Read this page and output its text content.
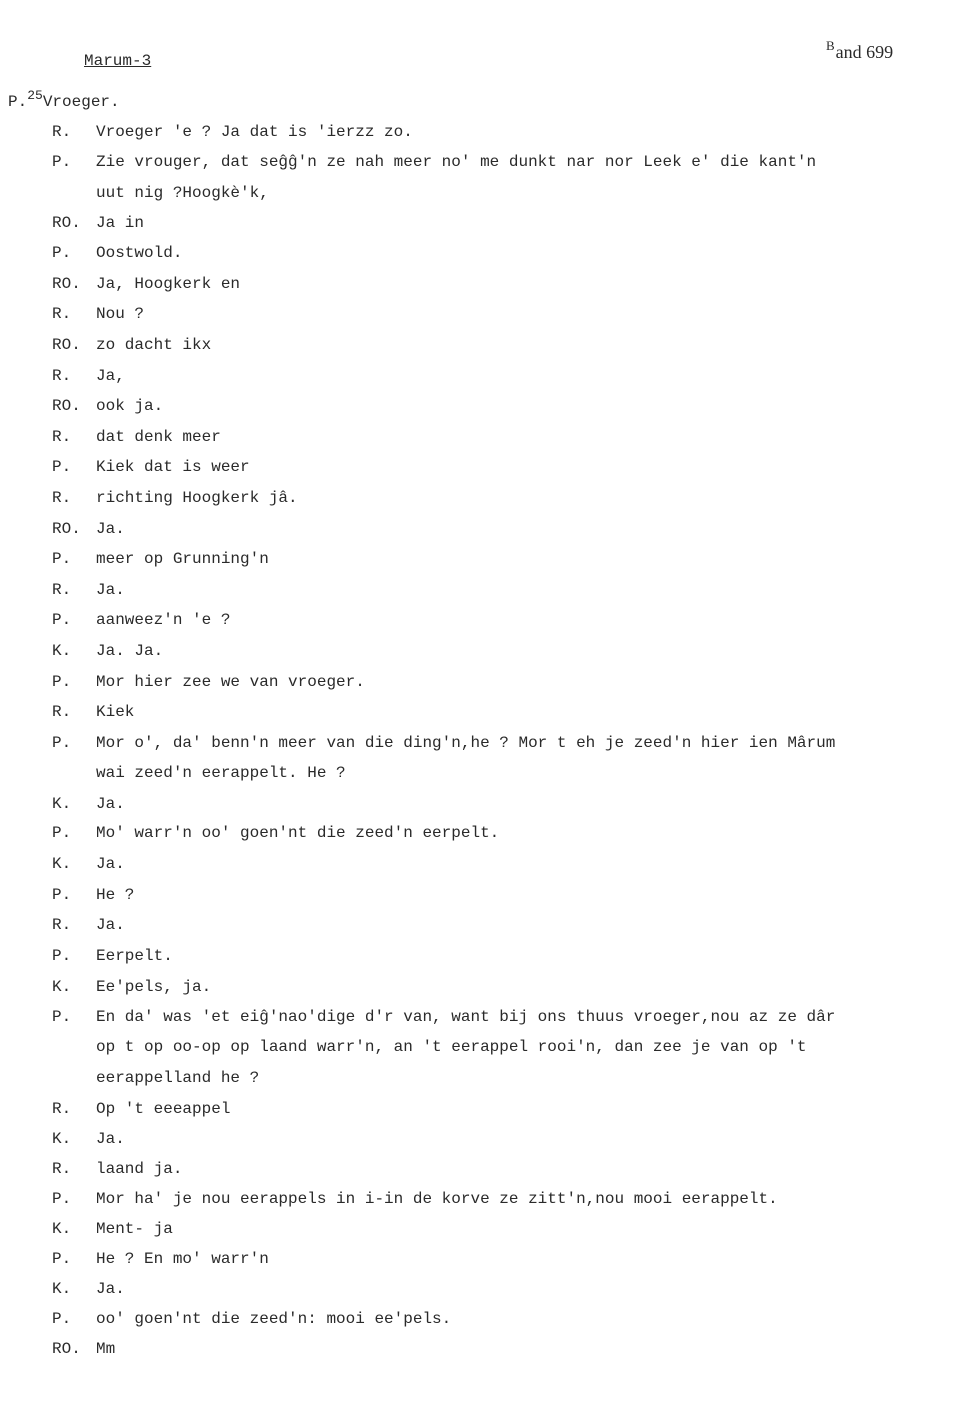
Marum-3
$^B$and 699
P.$^{25}$Vroeger.
R. Vroeger 'e ? Ja dat is 'ierzz zo.
P. Zie vrouger, dat seĝĝ'n ze nah meer no' me dunkt nar nor Leek e' die kant'n
uut nig ?Hoogkè'k,
RO. Ja in
P. Oostwold.
RO. Ja, Hoogkerk en
R. Nou ?
RO. zo dacht ikx
R. Ja,
RO. ook ja.
R. dat denk meer
P. Kiek dat is weer
R. richting Hoogkerk jâ.
RO. Ja.
P. meer op Grunning'n
R. Ja.
P. aanweez'n 'e ?
K. Ja. Ja.
P. Mor hier zee we van vroeger.
R. Kiek
P. Mor o', da' benn'n meer van die ding'n,he ? Mor t eh je zeed'n hier ien Mârum
wai zeed'n eerappelt. He ?
K. Ja.
P. Mo' warr'n oo' goen'nt die zeed'n eerpelt.
K. Ja.
P. He ?
R. Ja.
P. Eerpelt.
K. Ee'pels, ja.
P. En da' was 'et eiĝ'nao'dige d'r van, want bij ons thuus vroeger,nou az ze dâr
op t op oo-op op laand warr'n, an 't eerappel rooi'n, dan zee je van op 't
eerappelland he ?
R. Op 't eeeappel
K. Ja.
R. laand ja.
P. Mor ha' je nou eerappels in i-in de korve ze zitt'n,nou mooi eerappelt.
K. Ment- ja
P. He ? En mo' warr'n
K. Ja.
P. oo' goen'nt die zeed'n: mooi ee'pels.
RO. Mm
